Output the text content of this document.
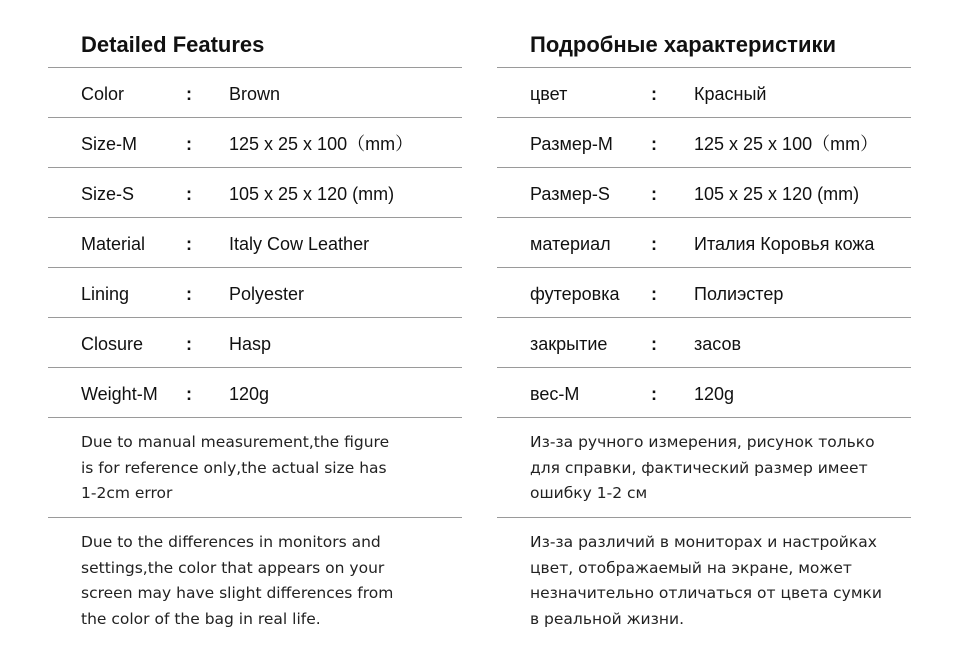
Detailed Features
Color	: Brown
Size-M	: 125 x 25 x 100（mm）
Size-S	: 105 x 25 x 120 (mm)
Material : Italy Cow Leather
Lining	: Polyester
Closure : Hasp
Weight-M : 120g
Due to manual measurement,the figure
is for reference only,the actual size has
1-2cm error
Due to the differences in monitors and
settings,the color that appears on your
screen may have slight differences from
the color of the bag in real life.
Подробные характеристики
цвет	: Красный
Размер-М : 125 x 25 x 100（mm）
Размер-S : 105 x 25 x 120 (mm)
материал : Италия Коровья кожа
футеровка : Полиэстер
закрытие : засов
вес-М	: 120g
Из-за ручного измерения, рисунок только
для справки, фактический размер имеет
ошибку 1-2 см
Из-за различий в мониторах и настройках
цвет, отображаемый на экране, может
незначительно отличаться от цвета сумки
в реальной жизни.
